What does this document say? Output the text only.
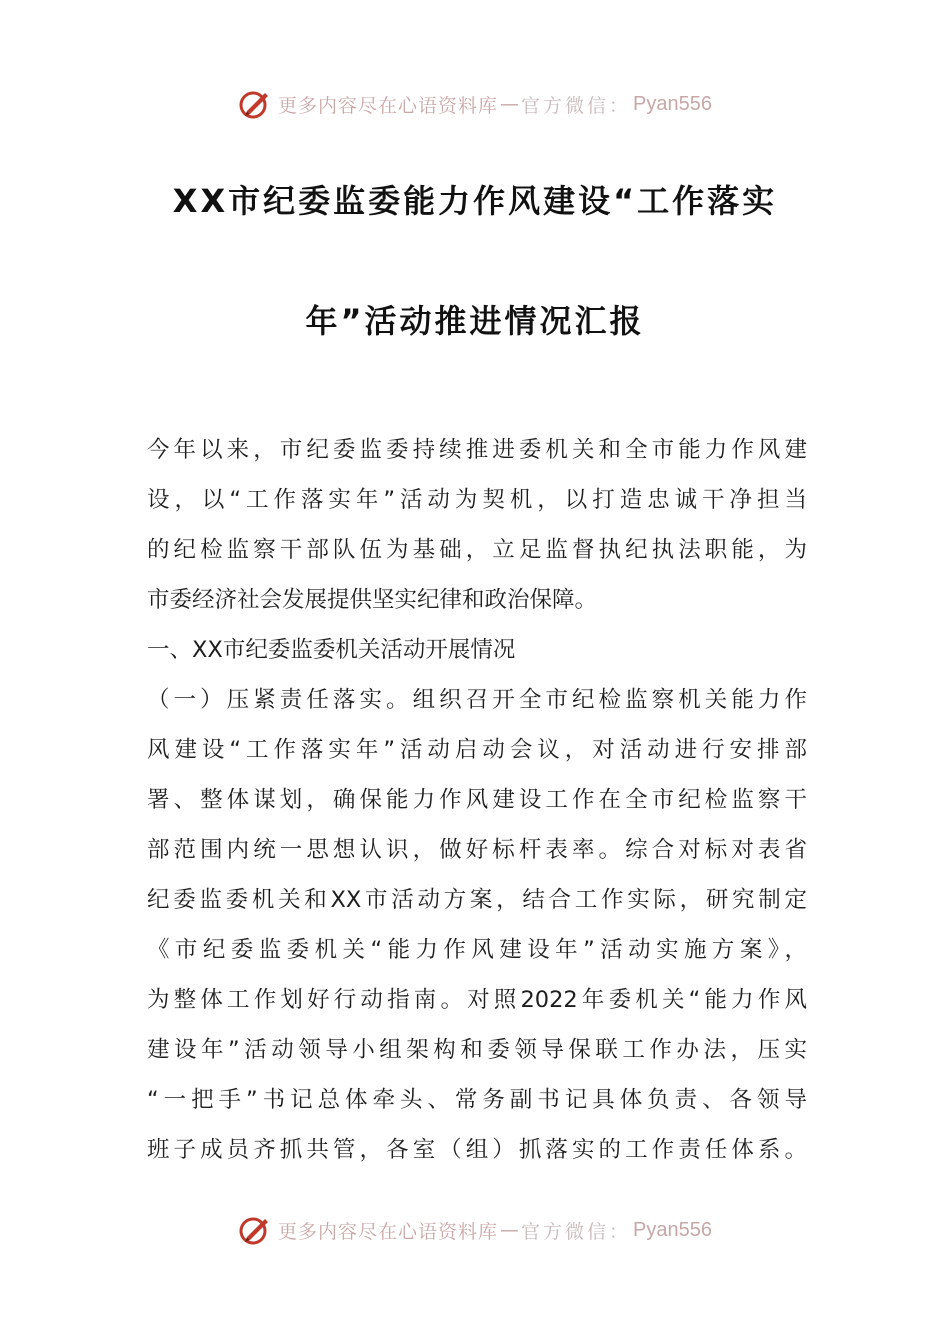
更多内容尽在心语资料库 — 官方微信： Pyan556
XX市纪委监委能力作风建设“工作落实
年”活动推进情况汇报
今年以来，市纪委监委持续推进委机关和全市能力作风建
设，以“工作落实年”活动为契机，以打造忠诚干净担当
的纪检监察干部队伍为基础，立足监督执纪执法职能，为
市委经济社会发展提供坚实纪律和政治保障。
一、XX市纪委监委机关活动开展情况
（一）压紧责任落实。组织召开全市纪检监察机关能力作
风建设“工作落实年”活动启动会议，对活动进行安排部
署、整体谋划，确保能力作风建设工作在全市纪检监察干
部范围内统一思想认识，做好标杆表率。综合对标对表省
纪委监委机关和XX市活动方案，结合工作实际，研究制定
《市纪委监委机关“能力作风建设年”活动实施方案》，
为整体工作划好行动指南。对照2022年委机关“能力作风
建设年”活动领导小组架构和委领导保联工作办法，压实
“一把手”书记总体牵头、常务副书记具体负责、各领导
班子成员齐抓共管，各室（组）抓落实的工作责任体系。
更多内容尽在心语资料库 — 官方微信： Pyan556
